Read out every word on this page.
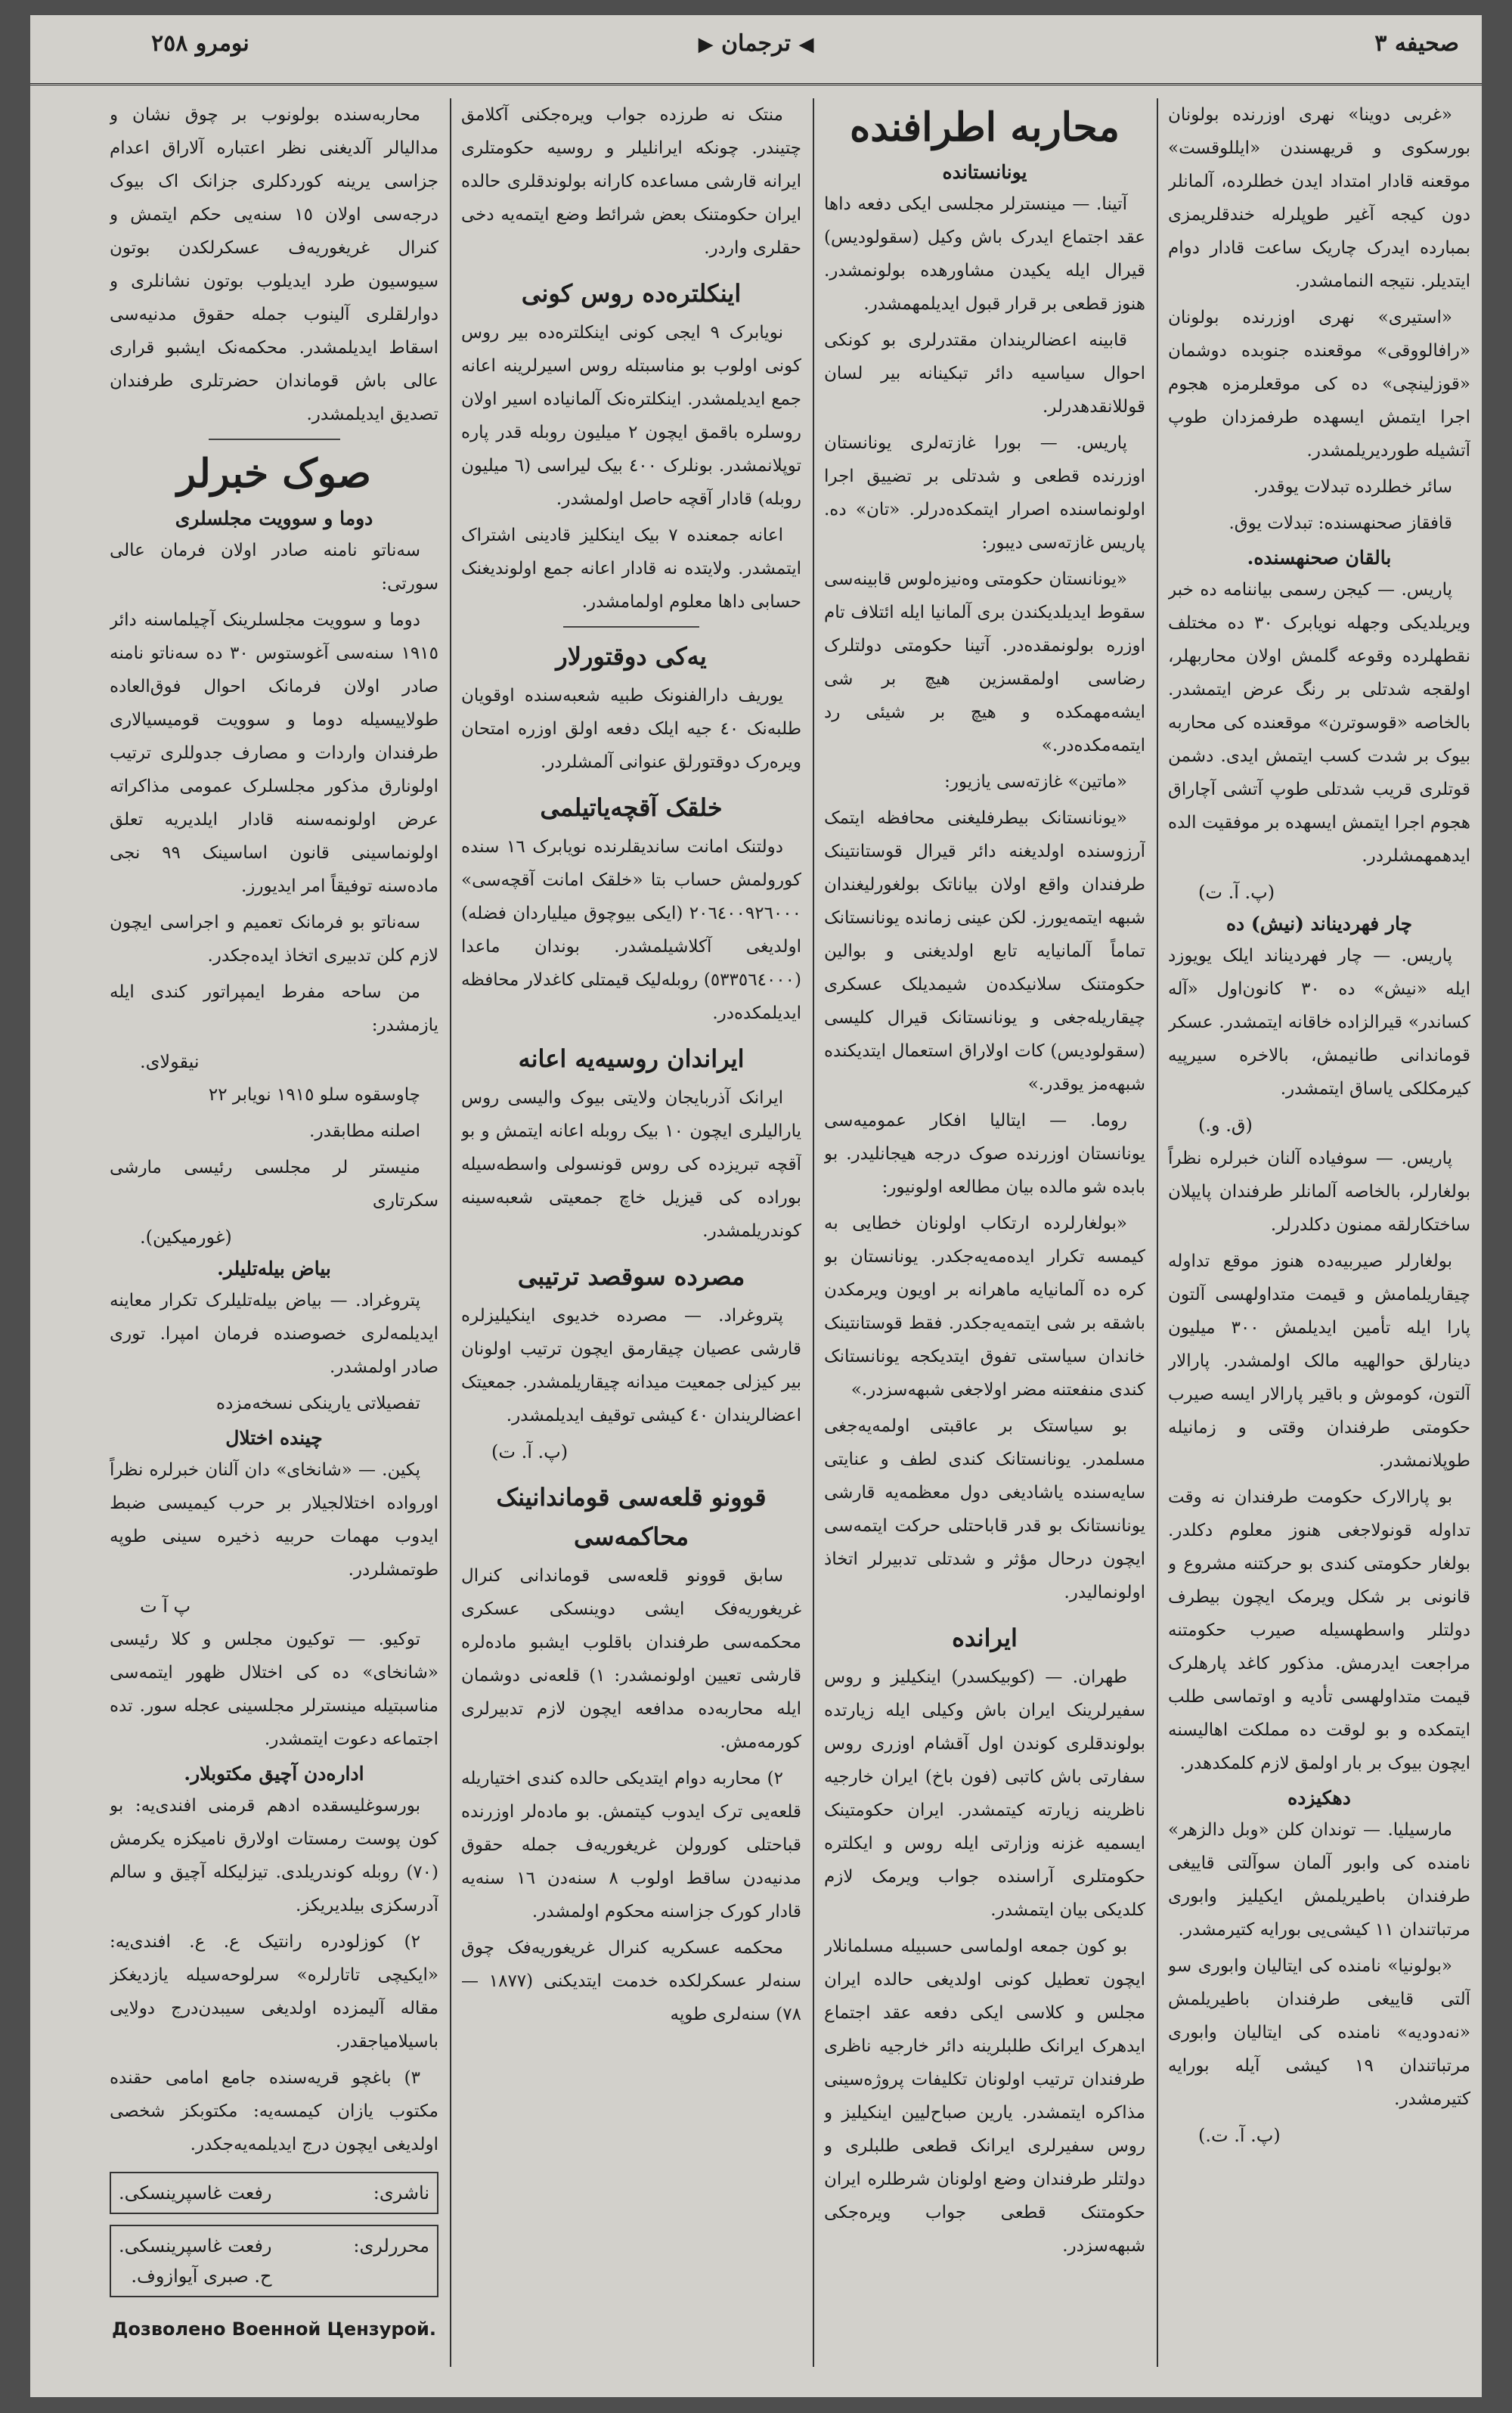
صحیفه ٣
◀ ترجمان ▶
نومرو ٢٥٨

«غربی دوینا» نهری اوزرنده بولونان بورسکوی و قریهسندن «ایللوقست» موقعنه قادار امتداد ایدن خطلرده، آلمانلر دون کیجه آغیر طوپلرله خندقلریمزی بمبارده ایدرک چاریک ساعت قادار دوام ایتدیلر. نتیجه النمامشدر.

«استیری» نهری اوزرنده بولونان «رافالووقی» موقعنده جنوبده دوشمان «قوزلینچی» ده کی موقعلرمزه هجوم اجرا ایتمش ایسهده طرفمزدان طوپ آتشیله طوردیریلمشدر.

سائر خطلرده تبدلات یوقدر.

قافقاز صحنهسنده: تبدلات یوق.

بالقان صحنهسنده.

پاریس. — کیجن رسمی بیاننامه ده خبر ویریلدیکی وجهله نویابرک ٣٠ ده مختلف نقطهلرده وقوعه گلمش اولان محاربهلر، اولقجه شدتلی بر رنگ عرض ایتمشدر. بالخاصه «قوسوترن» موقعنده کی محاربه بیوک بر شدت کسب ایتمش ایدی. دشمن قوتلری قریب شدتلی طوپ آتشی آچاراق هجوم اجرا ایتمش ایسهده بر موفقیت الده ایدهمهمشلردر.

(پ. آ. ت)
چار فهردیناند (نیش) ده

پاریس. — چار فهردیناند ایلک یویوزد ایله «نیش» ده ٣٠ کانون‌اول «آله کساندر» قیرالزاده خاقانه ایتمشدر. عسکر قوماندانی طانیمش، بالاخره سیرپیه کیرمکلکی یاساق ایتمشدر.

(ق. و.)

پاریس. — سوفیاده آلنان خبرلره نظراً بولغارلر، بالخاصه آلمانلر طرفندان پایپلان ساختکارلقه ممنون دکلدرلر.

بولغارلر صیربیه‌ده هنوز موقع تداوله چیقاریلمامش و قیمت متداولهسی آلتون پارا ایله تأمین ایدیلمش ٣٠٠ میلیون دینارلق حوالهیه مالک اولمشدر. پارالار آلتون، کوموش و باقیر پارالار ایسه صیرب حکومتی طرفندان وقتی و زمانیله طوپلانمشدر.

بو پارالارک حکومت طرفندان نه وقت تداوله قونولاجغی هنوز معلوم دکلدر. بولغار حکومتی کندی بو حرکتنه مشروع و قانونی بر شکل ویرمک ایچون بیطرف دولتلر واسطهسیله صیرب حکومتنه مراجعت ایدرمش. مذکور کاغد پارهلرک قیمت متداولهسی تأدیه و اوتماسی طلب ایتمکده و بو لوقت ده مملکت اهالیسنه ایچون بیوک بر بار اولمق لازم کلمکدهدر.

دهکیزده

مارسیلیا. — توندان کلن «وبل دالزهر» نامنده کی وابور آلمان سوآلتی قاییغی طرفندان باطیریلمش ایکیلیز وابوری مرتباتندان ١١ کیشی‌یی بورایه کتیرمشدر.

«بولونیا» نامنده کی ایتالیان وابوری سو آلتی قاییغی طرفندان باطیریلمش «نه‌دودیه» نامنده کی ایتالیان وابوری مرتباتندان ١٩ کیشی آیله بورایه کتیرمشدر.

(پ. آ. ت.)
محاربه اطرافنده
یونانستانده

آتینا. — مینسترلر مجلسی ایکی دفعه داها عقد اجتماع ایدرک باش وکیل (سقولودیس) قیرال ایله یکیدن مشاورهده بولونمشدر. هنوز قطعی بر قرار قبول ایدیلمهمشدر.

قابینه اعضالریندان مقتدرلری بو کونکی احوال سیاسیه دائر تبکینانه بیر لسان قوللانقدهدرلر.

پاریس. — بورا غازته‌لری یونانستان اوزرنده قطعی و شدتلی بر تضییق اجرا اولونماسنده اصرار ایتمکده‌درلر. «تان» ده. پاریس غازته‌سی دیبور:

«یونانستان حکومتی وه‌نیزه‌لوس قابینه‌سی سقوط ایدیلدیکندن بری آلمانیا ایله ائتلاف تام اوزره بولونمقده‌در. آتینا حکومتی دولتلرک رضاسی اولمقسزین هیچ بر شی ایشه‌مهمکده و هیچ بر شیئی رد ایتمه‌مکده‌در.»

«ماتین» غازته‌سی یازیور:

«یونانستانک بیطرفلیغنی محافظه ایتمک آرزوسنده اولدیغنه دائر قیرال قوستانتینک طرفندان واقع اولان بیاناتک بولغورلیغندان شبهه ایتمه‌یورز. لکن عینی زمانده یونانستانک تماماً آلمانیایه تابع اولدیغنی و بوالین حکومتنک سلانیکده‌ن شیمدیلک عسکری چیقاریله‌جغی و یونانستانک قیرال کلیسی (سقولودیس) کات اولاراق استعمال ایتدیکنده شبهه‌مز یوقدر.»

روما. — ایتالیا افکار عمومیه‌سی یونانستان اوزرنده صوک درجه هیجانلیدر. بو بابده شو مالده بیان مطالعه اولونیور:

«بولغارلرده ارتکاب اولونان خطایی به کیمسه تکرار ایده‌مه‌یه‌جکدر. یونانستان بو کره ده آلمانیایه ماهرانه بر اویون ویرمکدن باشقه بر شی ایتمه‌یه‌جکدر. فقط قوستانتینک خاندان سیاستی تفوق ایتدیکجه یونانستانک کندی منفعتنه مضر اولاجغی شبهه‌سزدر.»

بو سیاستک بر عاقبتی اولمه‌یه‌جغی مسلمدر. یونانستانک کندی لطف و عنایتی سایه‌سنده یاشادیغی دول معظمه‌یه قارشی یونانستانک بو قدر قاباحتلی حرکت ایتمه‌سی ایچون درحال مؤثر و شدتلی تدبیرلر اتخاذ اولونمالیدر.

ایرانده

طهران. — (کوبیکسدر) اینکیلیز و روس سفیرلرینک ایران باش وکیلی ایله زیارتده بولوندقلری کوندن اول آقشام اوزری روس سفارتی باش کاتبی (فون باخ) ایران خارجیه ناظرینه زیارته کیتمشدر. ایران حکومتینک ایسمیه غزنه وزارتی ایله روس و ایکلتره حکومتلری آراسنده جواب ویرمک لازم کلدیکی بیان ایتمشدر.

بو کون جمعه اولماسی حسبیله مسلمانلار ایچون تعطیل کونی اولدیغی حالده ایران مجلس و کلاسی ایکی دفعه عقد اجتماع ایدهرک ایرانک طلبلرینه دائر خارجیه ناظری طرفندان ترتیب اولونان تکلیفات پروژه‌سینی مذاکره ایتمشدر. یارین صباح‌لیین اینکیلیز و روس سفیرلری ایرانک قطعی طلبلری و دولتلر طرفندان وضع اولونان شرطلره ایران حکومتنک قطعی جواب ویره‌جکی شبهه‌سزدر.

منتک نه طرزده جواب ویره‌جکنی آکلامق چتیندر. چونکه ایرانلیلر و روسیه حکومتلری ایرانه قارشی مساعده کارانه بولوندقلری حالده ایران حکومتنک بعض شرائط وضع ایتمه‌یه دخی حقلری واردر.

اینکلتره‌ده روس کونی

نویابرک ٩ ایجی کونی اینکلتره‌ده بیر روس کونی اولوب بو مناسبتله روس اسیرلرینه اعانه جمع ایدیلمشدر. اینکلتره‌نک آلمانیاده اسیر اولان روسلره باقمق ایچون ٢ میلیون روبله قدر پاره توپلانمشدر. بونلرک ٤٠٠ بیک لیراسی (٦ میلیون روبله) قادار آقچه حاصل اولمشدر.

اعانه جمعنده ٧ بیک اینکلیز قادینی اشتراک ایتمشدر. ولایتده نه قادار اعانه جمع اولوندیغنک حسابی داها معلوم اولمامشدر.

یه‌کی دوقتورلار

یوریف دارالفنونک طبیه شعبه‌سنده اوقویان طلبه‌نک ٤٠ جیه ایلک دفعه اولق اوزره امتحان ویره‌رک دوقتورلق عنوانی آلمشلردر.

خلقک آقچه‌یاتیلمی

دولتنک امانت ساندیقلرنده نویابرک ١٦ سنده کورولمش حساب بتا «خلقک امانت آقچه‌سی» ٢٠٦٤٠٠٩٢٦٠٠٠ (ایکی بیوچوق میلیاردان فضله) اولدیغی آکلاشیلمشدر. بوندان ماعدا (٥٣٣٥٦٤٠٠٠) روبله‌لیک قیمتلی کاغدلار محافظه ایدیلمکده‌در.

ایراندان روسیه‌یه اعانه

ایرانک آذربایجان ولایتی بیوک والیسی روس یارالیلری ایچون ١٠ بیک روبله اعانه ایتمش و بو آقچه تبریزده کی روس قونسولی واسطه‌سیله بوراده کی قیزیل خاچ جمعیتی شعبه‌سینه کوندریلمشدر.

مصرده سوقصد ترتیبی

پتروغراد. — مصرده خدیوی اینکیلیزلره قارشی عصیان چیقارمق ایچون ترتیب اولونان بیر کیزلی جمعیت میدانه چیقاریلمشدر. جمعیتک اعضالریندان ٤٠ کیشی توقیف ایدیلمشدر.

(پ. آ. ت)
قوونو قلعه‌سی قوماندانینک محاکمه‌سی

سابق قوونو قلعه‌سی قوماندانی کنرال غریغوریه‌فک ایشی دوینسکی عسکری محکمه‌سی طرفندان باقلوب ایشبو ماده‌لره قارشی تعیین اولونمشدر: ١) قلعه‌نی دوشمان ایله محاربه‌ده مدافعه ایچون لازم تدبیرلری کورمه‌مش.

٢) محاربه دوام ایتدیکی حالده کندی اختیاریله قلعه‌یی ترک ایدوب کیتمش. بو ماده‌لر اوزرنده قباحتلی کورولن غریغوریه‌ف جمله حقوق مدنیه‌دن ساقط اولوب ٨ سنه‌دن ١٦ سنه‌یه قادار کورک جزاسنه محکوم اولمشدر.

محکمه عسکریه کنرال غریغوریه‌فک چوق سنه‌لر عسکرلکده خدمت ایتدیکنی (١٨٧٧ — ٧٨) سنه‌لری طوپه

محاربه‌سنده بولونوب بر چوق نشان و مدالیالر آلدیغنی نظر اعتباره آلاراق اعدام جزاسی یرینه کوردکلری جزانک اک بیوک درجه‌سی اولان ١٥ سنه‌یی حکم ایتمش و کنرال غریغوریه‌ف عسکرلکدن بوتون سیوسیون طرد ایدیلوب بوتون نشانلری و دوارلقلری آلینوب جمله حقوق مدنیه‌سی اسقاط ایدیلمشدر. محکمه‌نک ایشبو قراری عالی باش قوماندان حضرتلری طرفندان تصدیق ایدیلمشدر.

صوک خبرلر
دوما و سوویت مجلسلری

سه‌ناتو نامنه صادر اولان فرمان عالی سورتی:

دوما و سوویت مجلسلرینک آچیلماسنه دائر ١٩١٥ سنه‌سی آغوستوس ٣٠ ده سه‌ناتو نامنه صادر اولان فرمانک احوال فوق‌العاده طولاییسیله دوما و سوویت قومیسیالاری طرفندان واردات و مصارف جدوللری ترتیب اولونارق مذکور مجلسلرک عمومی مذاکراته عرض اولونمه‌سنه قادار ایلدیریه تعلق اولونماسینی قانون اساسینک ٩٩ نجی ماده‌سنه توفیقاً امر ایدیورز.

سه‌ناتو بو فرمانک تعمیم و اجراسی ایچون لازم کلن تدبیری اتخاذ ایده‌جکدر.

من ساحه مفرط ایمپراتور کندی ایله یازمشدر:

نیقولای.

چاوسقوه سلو ١٩١٥ نویابر ٢٢

اصلنه مطابقدر.

منیستر لر مجلسی رئیسی مارشی سکرتاری

(غورمیکین).
بیاض بیله‌تلیلر.

پتروغراد. — بیاض بیله‌تلیلرک تکرار معاینه ایدیلمه‌لری خصوصنده فرمان امپرا. توری صادر اولمشدر.

تفصیلاتی یارینکی نسخه‌مزده

چینده اختلال

پکین. — «شانخای» دان آلنان خبرلره نظراً اورواده اختلالجیلار بر حرب کیمیسی ضبط ایدوب مهمات حربیه ذخیره سینی طوپه طوتمشلردر.

پ آ ت

توکیو. — توکیون مجلس و کلا رئیسی «شانخای» ده کی اختلال ظهور ایتمه‌سی مناسبتیله مینسترلر مجلسینی عجله سور. تده اجتماعه دعوت ایتمشدر.

اداره‌دن آچیق مکتوبلار.

بورسوغلیسقده ادهم قرمنی افندی‌یه: بو کون پوست رمستات اولارق نامیکزه یکرمش (٧٠) روبله کوندریلدی. تیزلیکله آچیق و سالم آدرسکزی بیلدیریکز.

٢) کوزلودره رانتیک ع. ع. افندی‌یه: «ایکیچی تاتارلره» سرلوحه‌سیله یازدیغکز مقاله آلیمزده اولدیغی سیبدن‌درج دولایی باسیلامیاجقدر.

٣) باغچو قریه‌سنده جامع امامی حقنده مکتوب یازان کیمسه‌یه: مکتوبکز شخصی اولدیغی ایچون درج ایدیلمه‌یه‌جکدر.

ناشری:
رفعت غاسپرینسکی.
محررلری:
رفعت غاسپرینسکی.
ح. صبری آیوازوف.
Дозволено Военной Цензурой.
